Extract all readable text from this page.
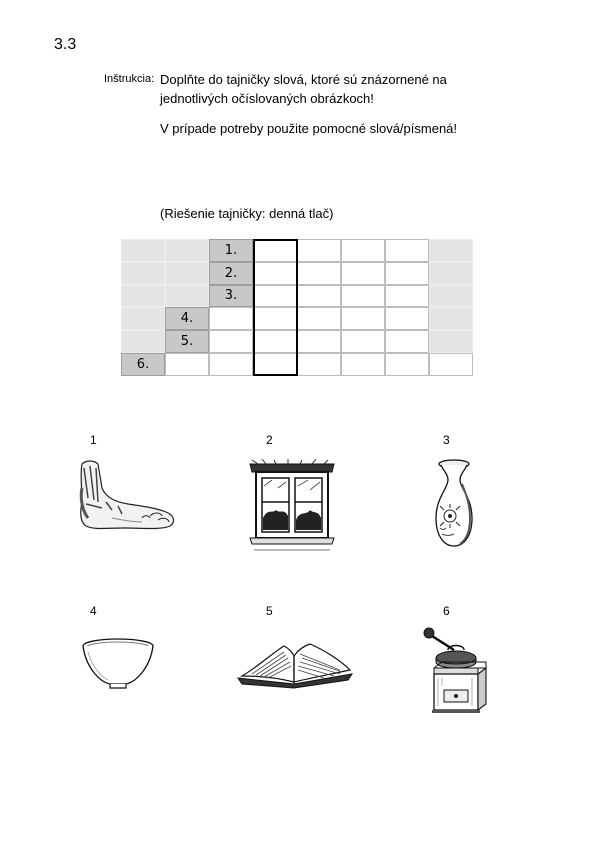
3.3
Inštrukcia: Doplňte do tajničky slová, ktoré sú znázornené na
jednotlivých očíslovaných obrázkoch!
V prípade potreby použite pomocné slová/písmená!
(Riešenie tajničky: denná tlač)
1.
2.
3.
4.
5.
6.
1	2	3
4	5	6
